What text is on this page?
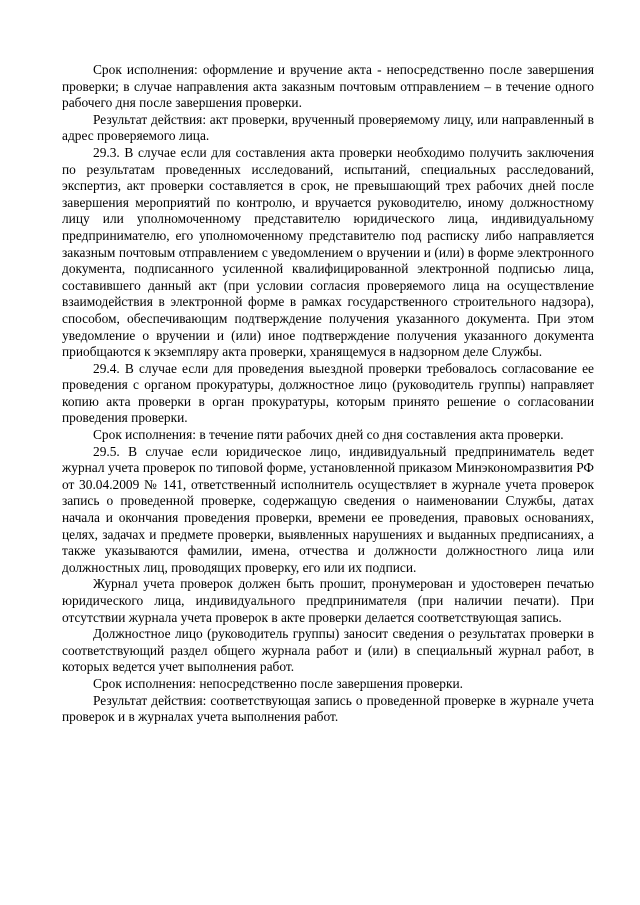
Срок исполнения: оформление и вручение акта - непосредственно после завершения проверки; в случае направления акта заказным почтовым отправлением – в течение одного рабочего дня после завершения проверки.

Результат действия: акт проверки, врученный проверяемому лицу, или направленный в адрес проверяемого лица.

29.3. В случае если для составления акта проверки необходимо получить заключения по результатам проведенных исследований, испытаний, специальных расследований, экспертиз, акт проверки составляется в срок, не превышающий трех рабочих дней после завершения мероприятий по контролю, и вручается руководителю, иному должностному лицу или уполномоченному представителю юридического лица, индивидуальному предпринимателю, его уполномоченному представителю под расписку либо направляется заказным почтовым отправлением с уведомлением о вручении и (или) в форме электронного документа, подписанного усиленной квалифицированной электронной подписью лица, составившего данный акт (при условии согласия проверяемого лица на осуществление взаимодействия в электронной форме в рамках государственного строительного надзора), способом, обеспечивающим подтверждение получения указанного документа. При этом уведомление о вручении и (или) иное подтверждение получения указанного документа приобщаются к экземпляру акта проверки, хранящемуся в надзорном деле Службы.

29.4. В случае если для проведения выездной проверки требовалось согласование ее проведения с органом прокуратуры, должностное лицо (руководитель группы) направляет копию акта проверки в орган прокуратуры, которым принято решение о согласовании проведения проверки.

Срок исполнения: в течение пяти рабочих дней со дня составления акта проверки.

29.5. В случае если юридическое лицо, индивидуальный предприниматель ведет журнал учета проверок по типовой форме, установленной приказом Минэкономразвития РФ от 30.04.2009 № 141, ответственный исполнитель осуществляет в журнале учета проверок запись о проведенной проверке, содержащую сведения о наименовании Службы, датах начала и окончания проведения проверки, времени ее проведения, правовых основаниях, целях, задачах и предмете проверки, выявленных нарушениях и выданных предписаниях, а также указываются фамилии, имена, отчества и должности должностного лица или должностных лиц, проводящих проверку, его или их подписи.

Журнал учета проверок должен быть прошит, пронумерован и удостоверен печатью юридического лица, индивидуального предпринимателя (при наличии печати). При отсутствии журнала учета проверок в акте проверки делается соответствующая запись.

Должностное лицо (руководитель группы) заносит сведения о результатах проверки в соответствующий раздел общего журнала работ и (или) в специальный журнал работ, в которых ведется учет выполнения работ.

Срок исполнения: непосредственно после завершения проверки.

Результат действия: соответствующая запись о проведенной проверке в журнале учета проверок и в журналах учета выполнения работ.
